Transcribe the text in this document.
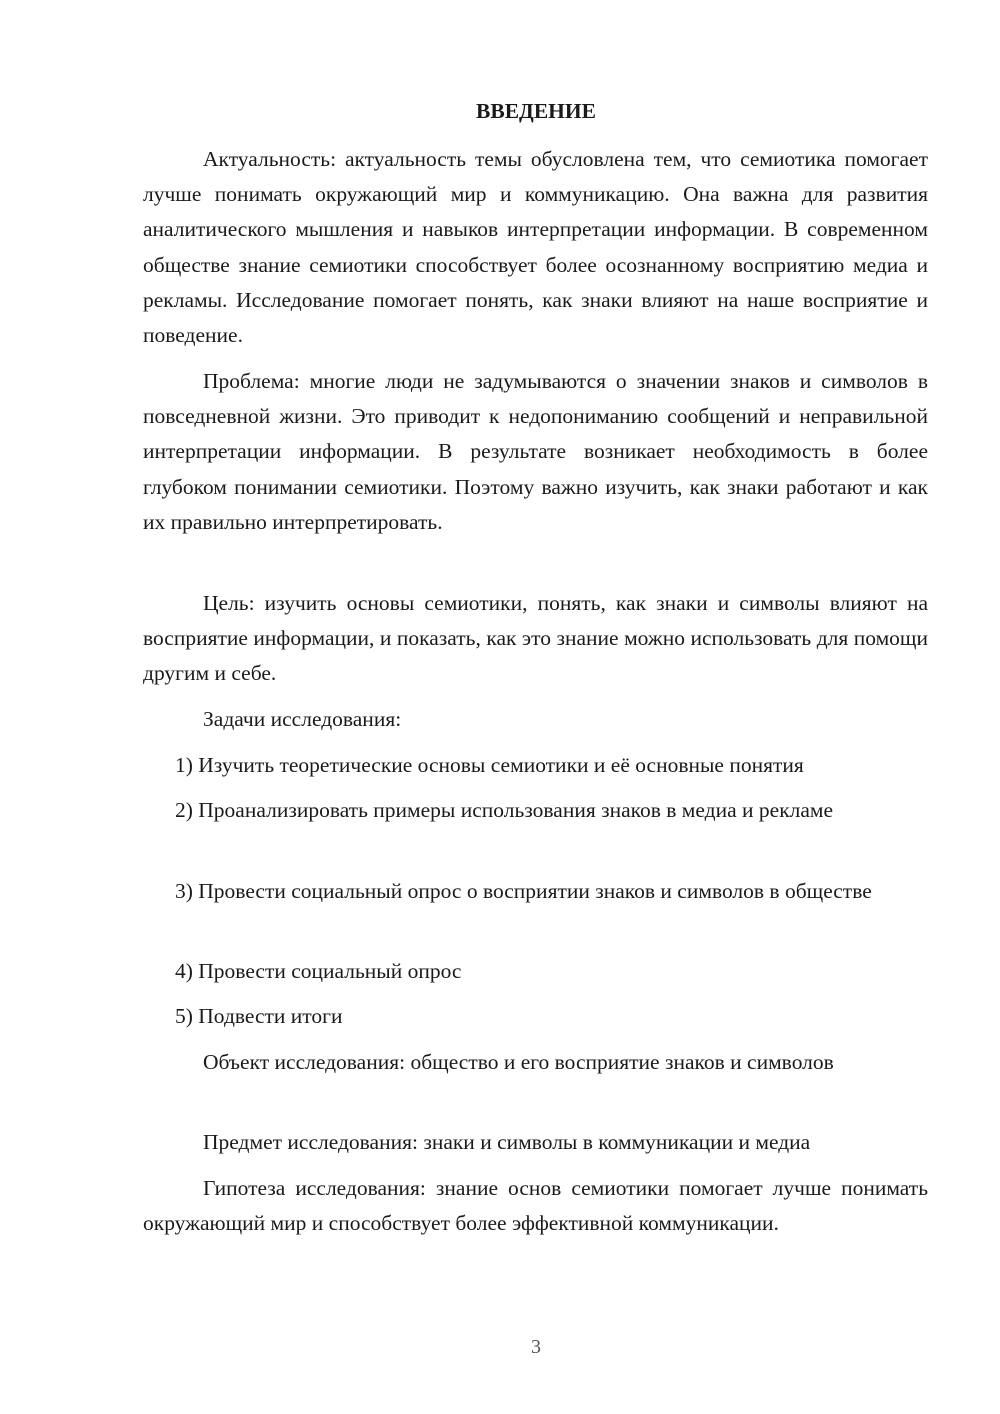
ВВЕДЕНИЕ

Актуальность: актуальность темы обусловлена тем, что семиотика помогает лучше понимать окружающий мир и коммуникацию. Она важна для развития аналитического мышления и навыков интерпретации информации. В современном обществе знание семиотики способствует более осознанному восприятию медиа и рекламы. Исследование помогает понять, как знаки влияют на наше восприятие и поведение.

Проблема: многие люди не задумываются о значении знаков и символов в повседневной жизни. Это приводит к недопониманию сообщений и неправильной интерпретации информации. В результате возникает необходимость в более глубоком понимании семиотики. Поэтому важно изучить, как знаки работают и как их правильно интерпретировать.

Цель: изучить основы семиотики, понять, как знаки и символы влияют на восприятие информации, и показать, как это знание можно использовать для помощи другим и себе.

Задачи исследования:

1) Изучить теоретические основы семиотики и её основные понятия

2) Проанализировать примеры использования знаков в медиа и рекламе

3) Провести социальный опрос о восприятии знаков и символов в обществе

4) Провести социальный опрос

5) Подвести итоги

Объект исследования: общество и его восприятие знаков и символов

Предмет исследования: знаки и символы в коммуникации и медиа

Гипотеза исследования: знание основ семиотики помогает лучше понимать окружающий мир и способствует более эффективной коммуникации.

3
